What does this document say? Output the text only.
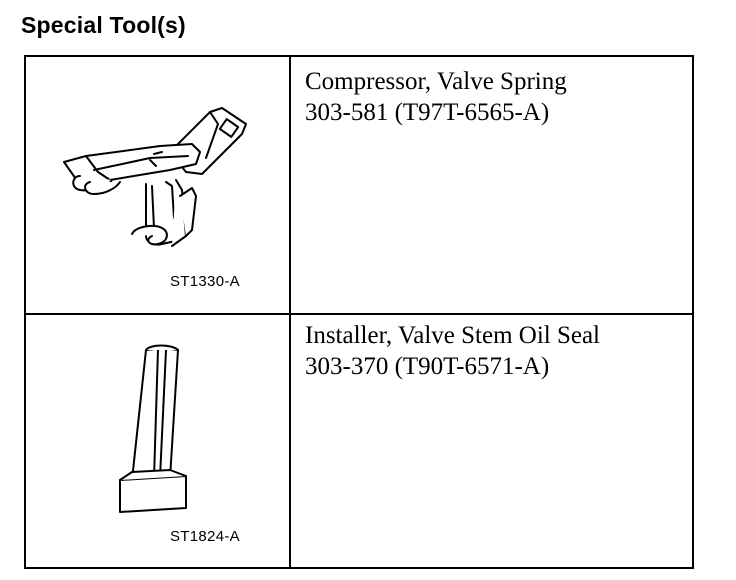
Special Tool(s)
ST1330-A
Compressor, Valve Spring
303-581 (T97T-6565-A)
ST1824-A
Installer, Valve Stem Oil Seal
303-370 (T90T-6571-A)
